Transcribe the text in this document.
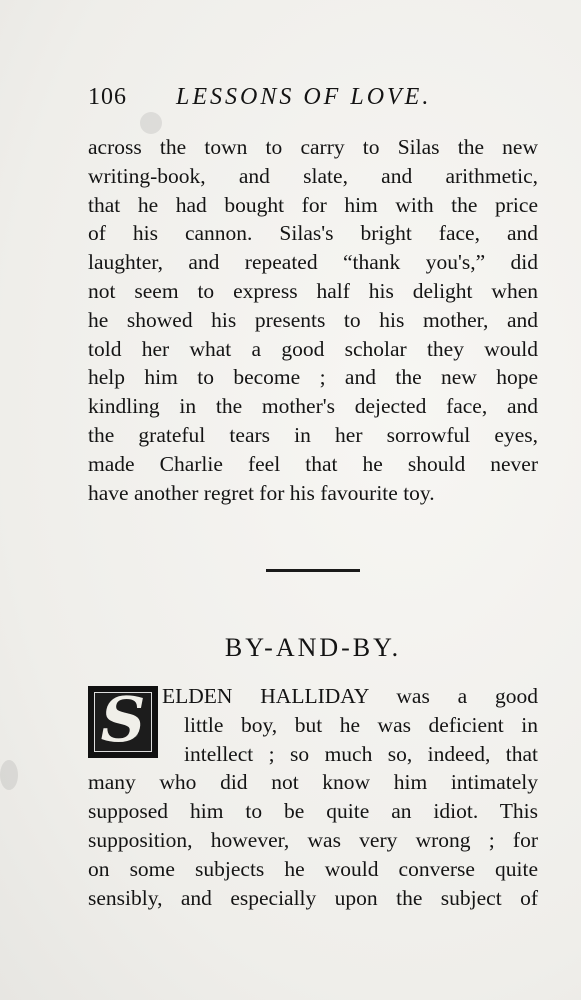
106 LESSONS OF LOVE.
across the town to carry to Silas the new
writing-book, and slate, and arithmetic,
that he had bought for him with the price
of his cannon. Silas's bright face, and
laughter, and repeated “thank you's,” did
not seem to express half his delight when
he showed his presents to his mother, and
told her what a good scholar they would
help him to become ; and the new hope
kindling in the mother's dejected face, and
the grateful tears in her sorrowful eyes,
made Charlie feel that he should never
have another regret for his favourite toy.
BY-AND-BY.
S ELDEN HALLIDAY was a good
little boy, but he was deficient in
intellect ; so much so, indeed, that
many who did not know him intimately
supposed him to be quite an idiot. This
supposition, however, was very wrong ; for
on some subjects he would converse quite
sensibly, and especially upon the subject of
